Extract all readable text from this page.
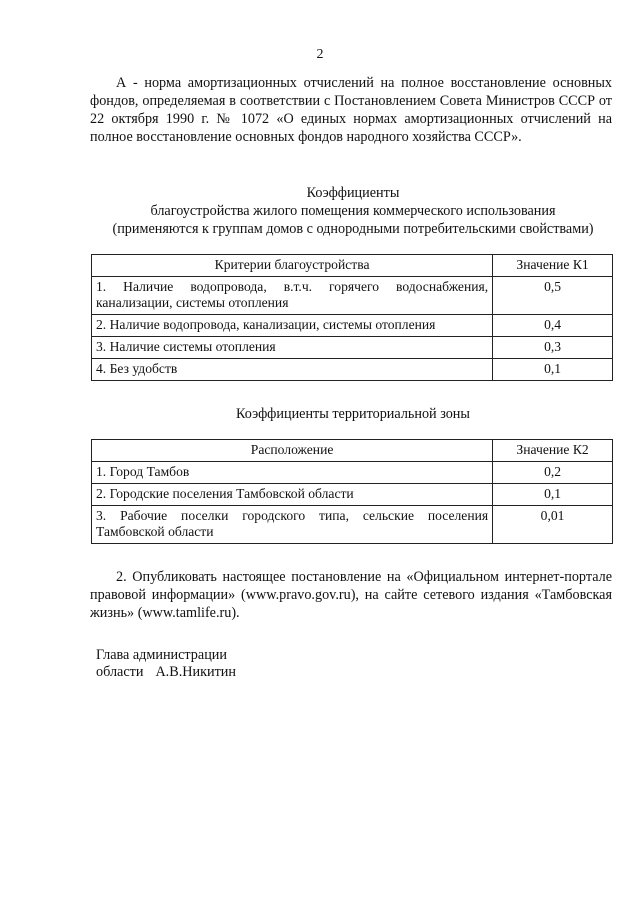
2

А - норма амортизационных отчислений на полное восстановление основных фондов, определяемая в соответствии с Постановлением Совета Министров СССР от 22 октября 1990 г. № 1072 «О единых нормах амортизационных отчислений на полное восстановление основных фондов народного хозяйства СССР».

Коэффициенты
благоустройства жилого помещения коммерческого использования
(применяются к группам домов с однородными потребительскими свойствами)
Критерии благоустройства	Значение К1
1. Наличие водопровода, в.т.ч. горячего водоснабжения, канализации, системы отопления	0,5
2. Наличие водопровода, канализации, системы отопления	0,4
3. Наличие системы отопления	0,3
4. Без удобств	0,1
Коэффициенты территориальной зоны
Расположение	Значение К2
1. Город Тамбов	0,2
2. Городские поселения Тамбовской области	0,1
3. Рабочие поселки городского типа, сельские поселения Тамбовской области	0,01

2. Опубликовать настоящее постановление на «Официальном интернет-портале правовой информации» (www.pravo.gov.ru), на сайте сетевого издания «Тамбовская жизнь» (www.tamlife.ru).

Глава администрации
области А.В.Никитин
